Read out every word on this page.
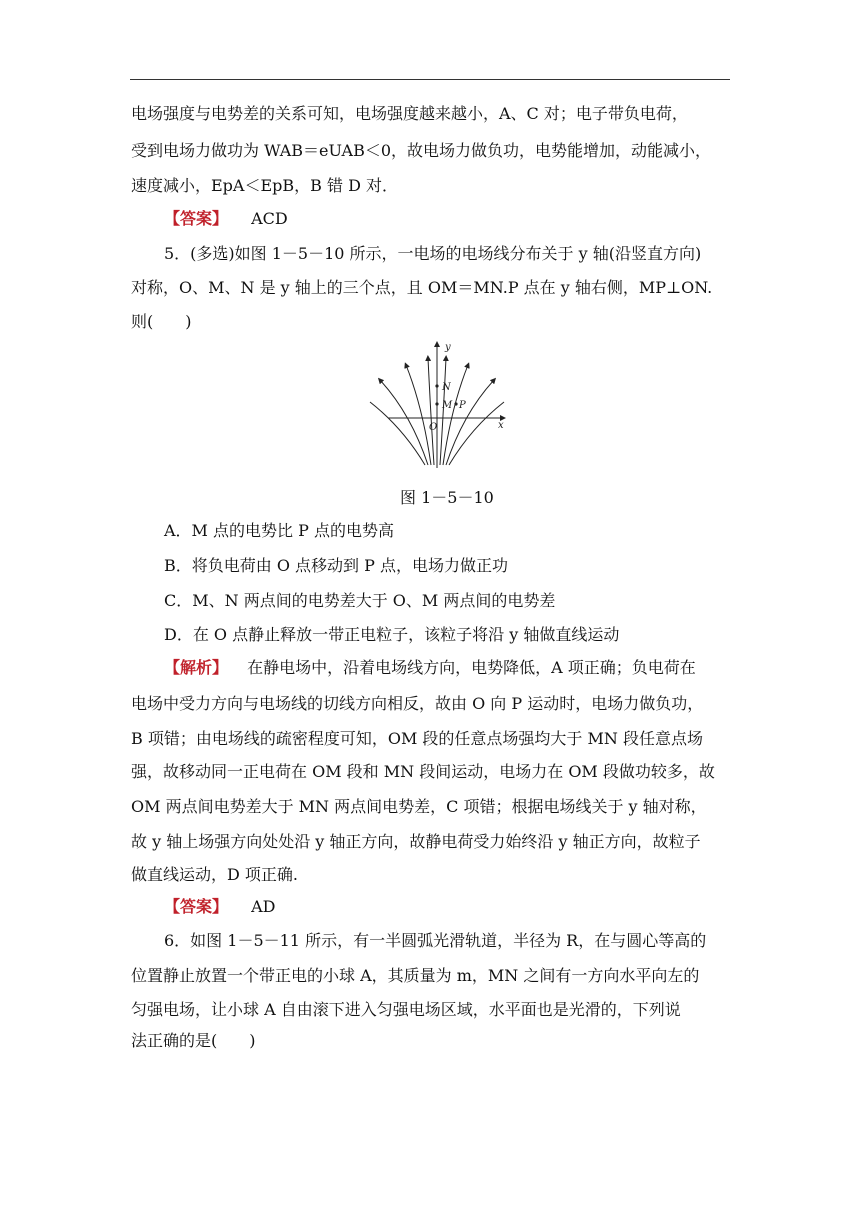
电场强度与电势差的关系可知，电场强度越来越小，A、C 对；电子带负电荷，
受到电场力做功为 WAB＝eUAB＜0，故电场力做负功，电势能增加，动能减小，
速度减小，EpA＜EpB，B 错 D 对．
【答案】 ACD
5．(多选)如图 1－5－10 所示，一电场的电场线分布关于 y 轴(沿竖直方向)
对称，O、M、N 是 y 轴上的三个点，且 OM＝MN.P 点在 y 轴右侧，MP⊥ON.
则(　　)
y
x
N
M P
O
图 1－5－10
A．M 点的电势比 P 点的电势高
B．将负电荷由 O 点移动到 P 点，电场力做正功
C．M、N 两点间的电势差大于 O、M 两点间的电势差
D．在 O 点静止释放一带正电粒子，该粒子将沿 y 轴做直线运动
【解析】 在静电场中，沿着电场线方向，电势降低，A 项正确；负电荷在
电场中受力方向与电场线的切线方向相反，故由 O 向 P 运动时，电场力做负功，
B 项错；由电场线的疏密程度可知，OM 段的任意点场强均大于 MN 段任意点场
强，故移动同一正电荷在 OM 段和 MN 段间运动，电场力在 OM 段做功较多，故
OM 两点间电势差大于 MN 两点间电势差，C 项错；根据电场线关于 y 轴对称，
故 y 轴上场强方向处处沿 y 轴正方向，故静电荷受力始终沿 y 轴正方向，故粒子
做直线运动，D 项正确.
【答案】 AD
6．如图 1－5－11 所示，有一半圆弧光滑轨道，半径为 R，在与圆心等高的
位置静止放置一个带正电的小球 A，其质量为 m，MN 之间有一方向水平向左的
匀强电场，让小球 A 自由滚下进入匀强电场区域，水平面也是光滑的，下列说
法正确的是(　　)
